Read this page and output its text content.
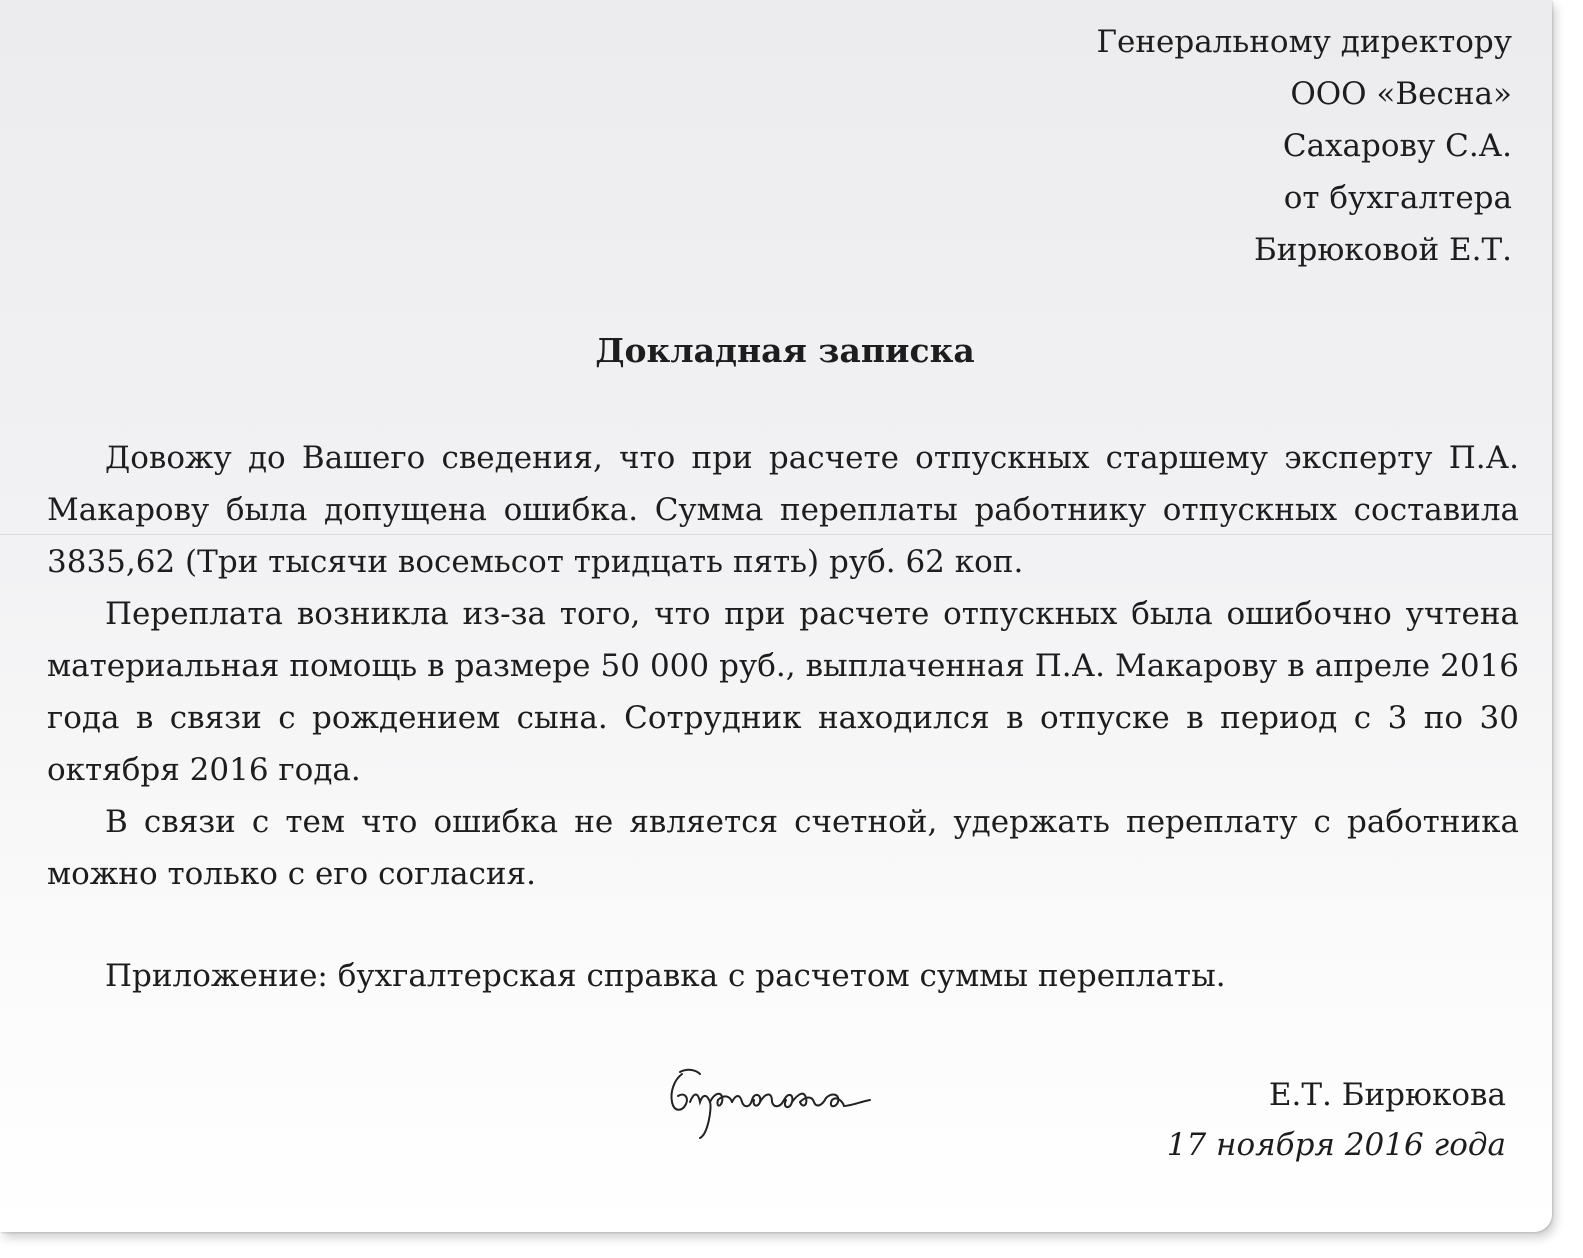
Генеральному директору
ООО «Весна»
Сахарову С.А.
от бухгалтера
Бирюковой Е.Т.
Докладная записка

Довожу до Вашего сведения, что при расчете отпускных старшему эксперту П.А. Макарову была допущена ошибка. Сумма переплаты работнику отпускных составила 3835,62 (Три тысячи восемьсот тридцать пять) руб. 62 коп.

Переплата возникла из-за того, что при расчете отпускных была ошибочно учтена материальная помощь в размере 50 000 руб., выплаченная П.А. Макарову в апреле 2016 года в связи с рождением сына. Сотрудник находился в отпуске в период с 3 по 30 октября 2016 года.

В связи с тем что ошибка не является счетной, удержать переплату с работника можно только с его согласия.

Приложение: бухгалтерская справка с расчетом суммы переплаты.
Е.Т. Бирюкова
17 ноября 2016 года
